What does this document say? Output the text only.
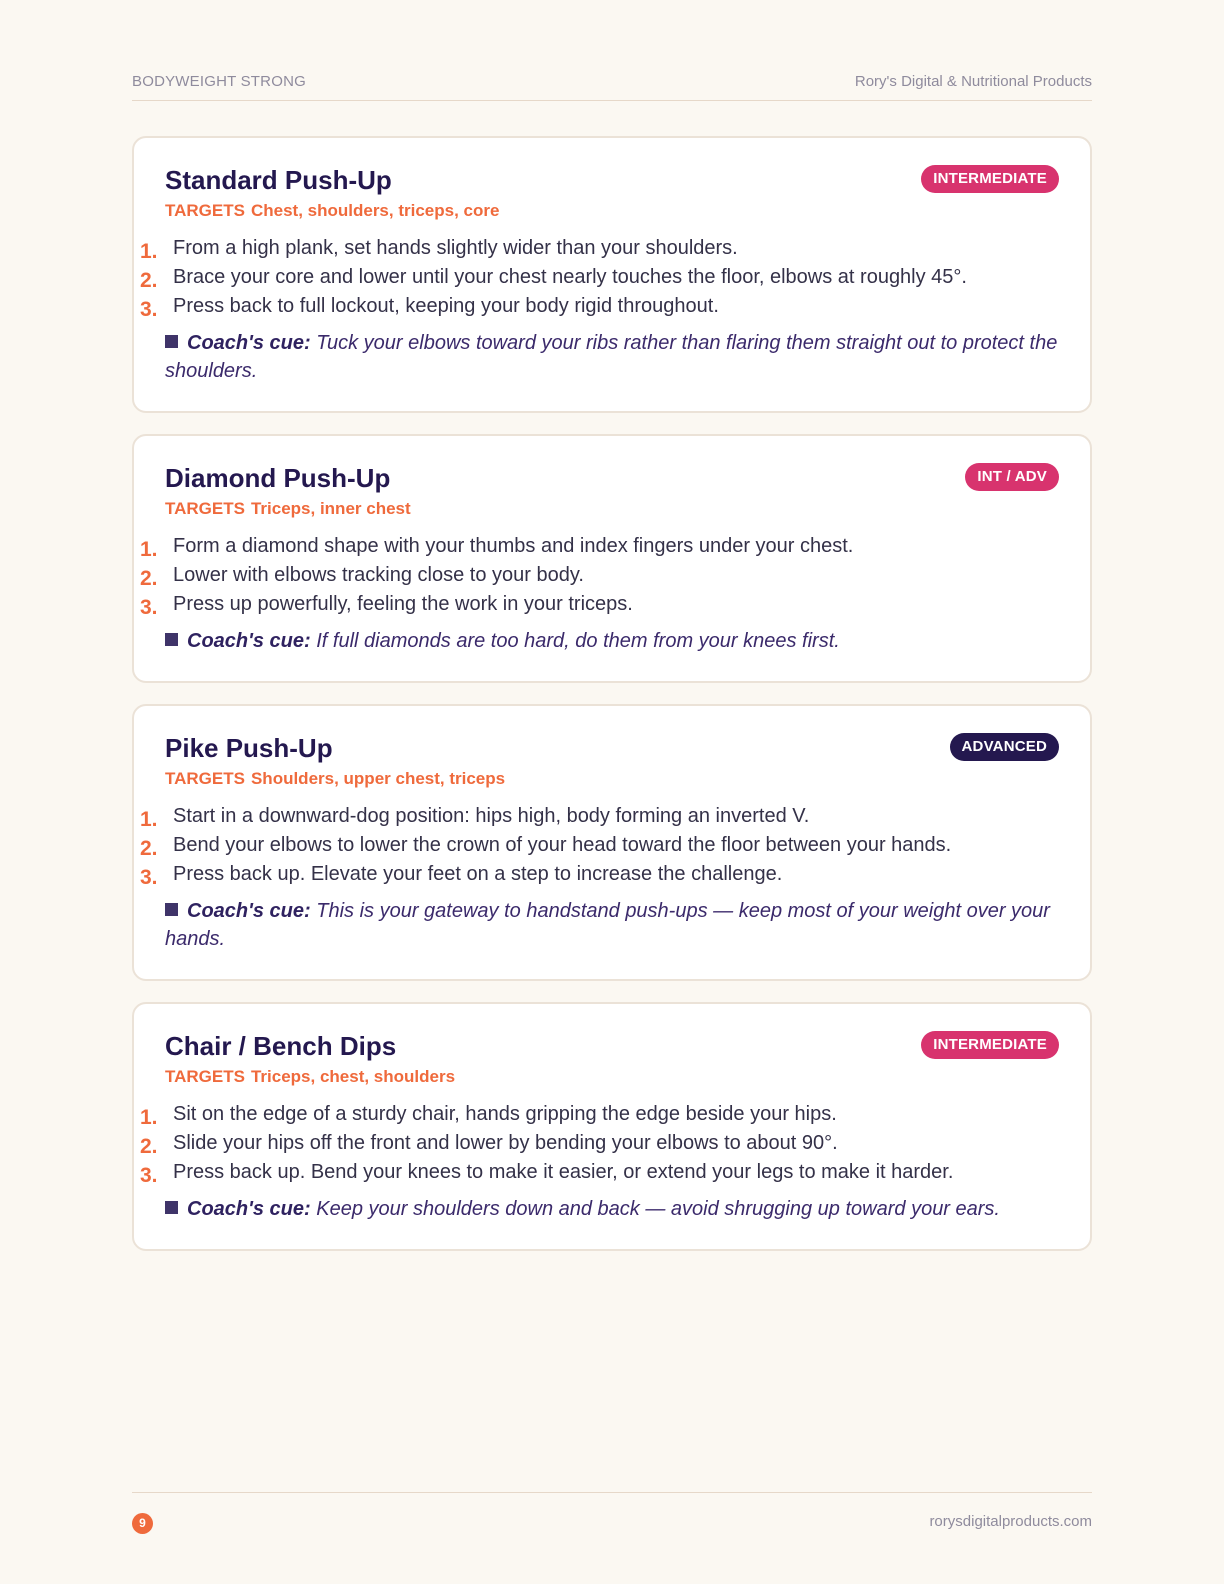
BODYWEIGHT STRONG	Rory's Digital & Nutritional Products
Standard Push-Up	INTERMEDIATE
TARGETS Chest, shoulders, triceps, core
1. From a high plank, set hands slightly wider than your shoulders.
2. Brace your core and lower until your chest nearly touches the floor, elbows at roughly 45°.
3. Press back to full lockout, keeping your body rigid throughout.

Coach's cue: Tuck your elbows toward your ribs rather than flaring them straight out to protect the shoulders.

Diamond Push-Up	INT / ADV
TARGETS Triceps, inner chest
1. Form a diamond shape with your thumbs and index fingers under your chest.
2. Lower with elbows tracking close to your body.
3. Press up powerfully, feeling the work in your triceps.

Coach's cue: If full diamonds are too hard, do them from your knees first.

Pike Push-Up	ADVANCED
TARGETS Shoulders, upper chest, triceps
1. Start in a downward-dog position: hips high, body forming an inverted V.
2. Bend your elbows to lower the crown of your head toward the floor between your hands.
3. Press back up. Elevate your feet on a step to increase the challenge.

Coach's cue: This is your gateway to handstand push-ups — keep most of your weight over your hands.

Chair / Bench Dips	INTERMEDIATE
TARGETS Triceps, chest, shoulders
1. Sit on the edge of a sturdy chair, hands gripping the edge beside your hips.
2. Slide your hips off the front and lower by bending your elbows to about 90°.
3. Press back up. Bend your knees to make it easier, or extend your legs to make it harder.

Coach's cue: Keep your shoulders down and back — avoid shrugging up toward your ears.

9	rorysdigitalproducts.com
